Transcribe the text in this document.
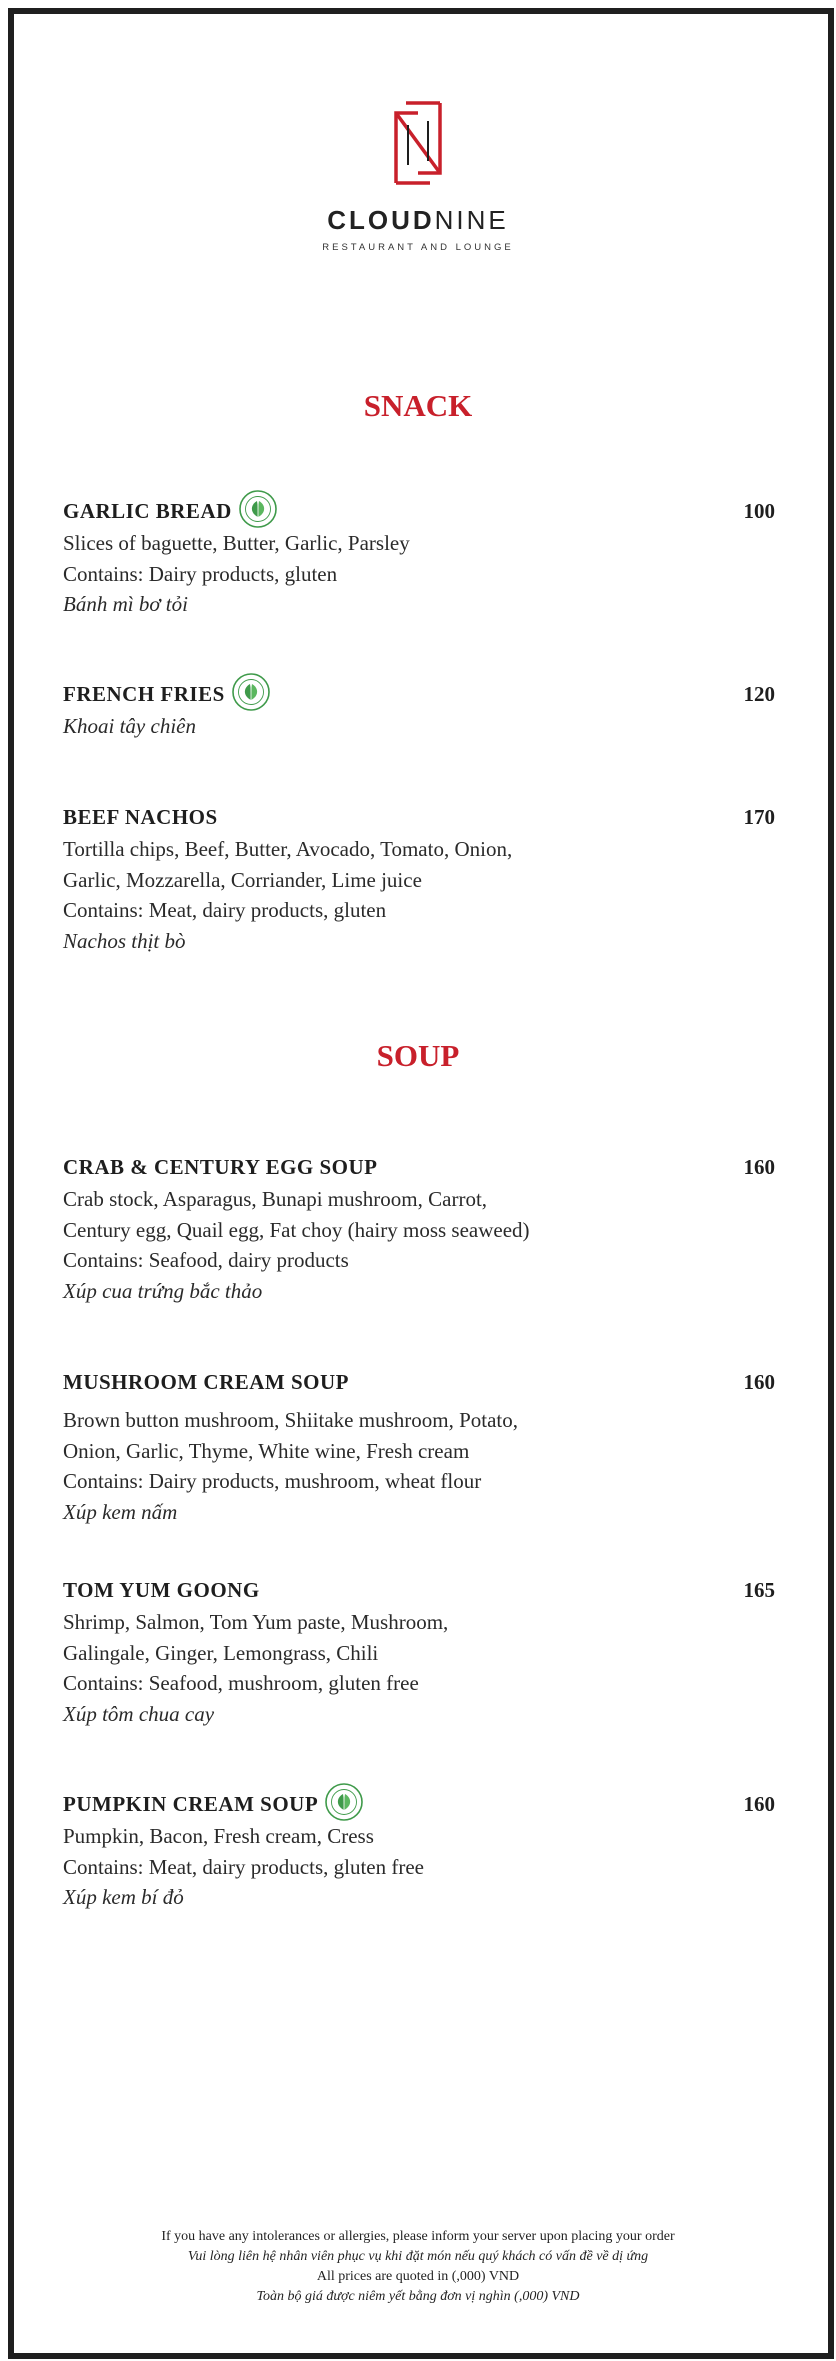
CLOUDNINE
RESTAURANT AND LOUNGE
SNACK
GARLIC BREAD	100
Slices of baguette, Butter, Garlic, Parsley
Contains: Dairy products, gluten
Bánh mì bơ tỏi
FRENCH FRIES	120
Khoai tây chiên
BEEF NACHOS	170
Tortilla chips, Beef, Butter, Avocado, Tomato, Onion,
Garlic, Mozzarella, Corriander, Lime juice
Contains: Meat, dairy products, gluten
Nachos thịt bò
SOUP
CRAB & CENTURY EGG SOUP	160
Crab stock, Asparagus, Bunapi mushroom, Carrot,
Century egg, Quail egg, Fat choy (hairy moss seaweed)
Contains: Seafood, dairy products
Xúp cua trứng bắc thảo
MUSHROOM CREAM SOUP	160
Brown button mushroom, Shiitake mushroom, Potato,
Onion, Garlic, Thyme, White wine, Fresh cream
Contains: Dairy products, mushroom, wheat flour
Xúp kem nấm
TOM YUM GOONG	165
Shrimp, Salmon, Tom Yum paste, Mushroom,
Galingale, Ginger, Lemongrass, Chili
Contains: Seafood, mushroom, gluten free
Xúp tôm chua cay
PUMPKIN CREAM SOUP	160
Pumpkin, Bacon, Fresh cream, Cress
Contains: Meat, dairy products, gluten free
Xúp kem bí đỏ
If you have any intolerances or allergies, please inform your server upon placing your order
Vui lòng liên hệ nhân viên phục vụ khi đặt món nếu quý khách có vấn đề về dị ứng
All prices are quoted in (,000) VND
Toàn bộ giá được niêm yết bằng đơn vị nghìn (,000) VND
